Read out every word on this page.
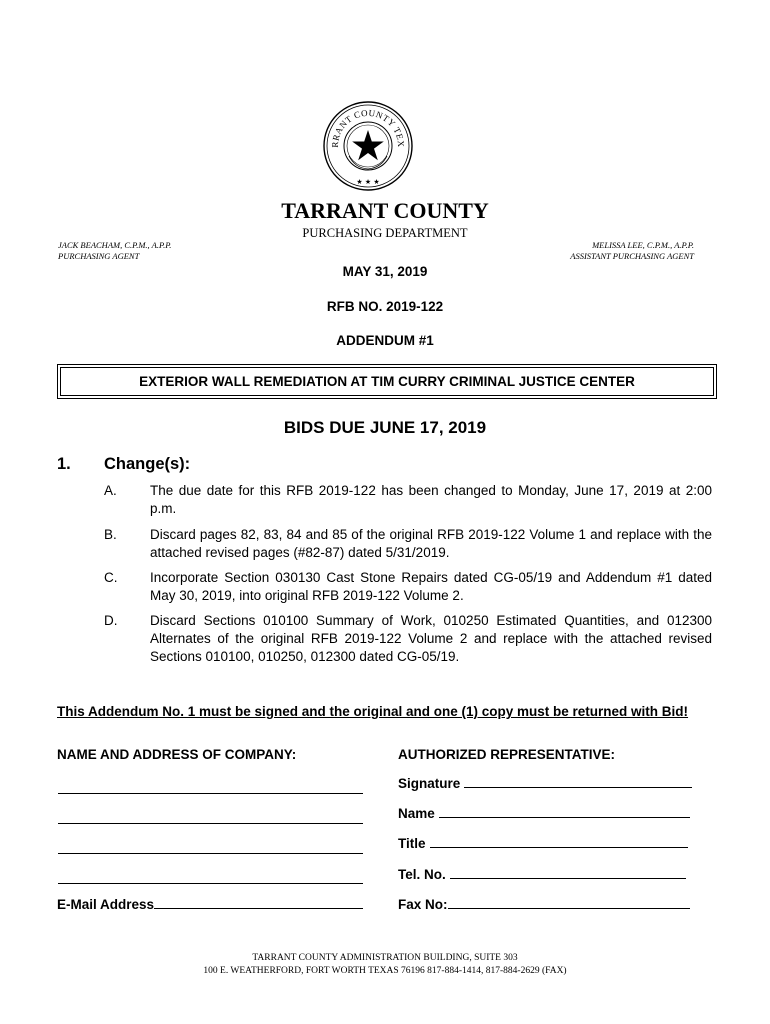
RRANT COUNTY TEX
★ ★ ★
TARRANT COUNTY
PURCHASING DEPARTMENT
JACK BEACHAM, C.P.M., A.P.P.
PURCHASING AGENT
MELISSA LEE, C.P.M., A.P.P.
ASSISTANT PURCHASING AGENT
MAY 31, 2019
RFB NO. 2019-122
ADDENDUM #1
EXTERIOR WALL REMEDIATION AT TIM CURRY CRIMINAL JUSTICE CENTER
BIDS DUE JUNE 17, 2019
1. Change(s):
A. The due date for this RFB 2019-122 has been changed to Monday, June 17, 2019 at 2:00 p.m.
B. Discard pages 82, 83, 84 and 85 of the original RFB 2019-122 Volume 1 and replace with the attached revised pages (#82-87) dated 5/31/2019.
C. Incorporate Section 030130 Cast Stone Repairs dated CG-05/19 and Addendum #1 dated May 30, 2019, into original RFB 2019-122 Volume 2.
D. Discard Sections 010100 Summary of Work, 010250 Estimated Quantities, and 012300 Alternates of the original RFB 2019-122 Volume 2 and replace with the attached revised Sections 010100, 010250, 012300 dated CG-05/19.
This Addendum No. 1 must be signed and the original and one (1) copy must be returned with Bid!
NAME AND ADDRESS OF COMPANY:	AUTHORIZED REPRESENTATIVE:
E-Mail Address
Signature
Name
Title
Tel. No.
Fax No:
TARRANT COUNTY ADMINISTRATION BUILDING, SUITE 303
100 E. WEATHERFORD, FORT WORTH TEXAS 76196 817-884-1414, 817-884-2629 (FAX)
